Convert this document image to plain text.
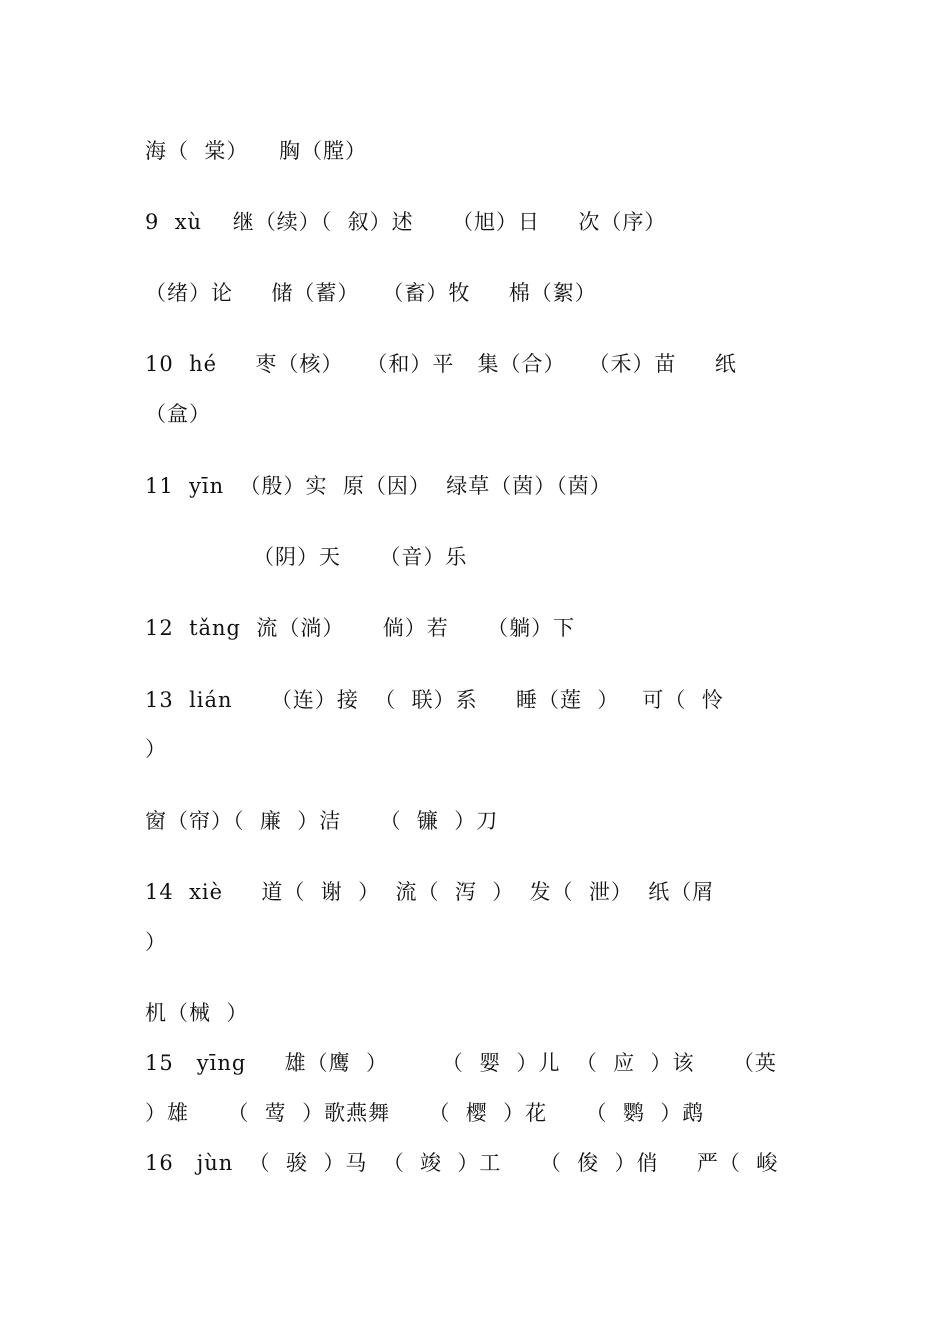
海（  棠）    胸（膛）
9  xù    继（续）（  叙）述     （旭）日     次（序）
（绪）论     储（蓄）   （畜）牧     棉（絮）
10  hé     枣（核）   （和）平   集（合）   （禾）苗     纸
（盒）
11  yīn  （殷）实  原（因）  绿草（茵）（茵）
（阴）天     （音）乐
12  tǎng  流（淌）     倘）若     （躺）下
13  lián     （连）接  （  联）系     睡（莲  ）   可（  怜
）
窗（帘）（  廉  ）洁     （  镰  ）刀
14  xiè     道（  谢  ）  流（  泻  ）  发（  泄）  纸（屑
）
机（械  ）
15   yīng     雄（鹰  ）       （  婴  ）儿  （  应  ）该     （英
）雄     （  莺  ）歌燕舞     （  樱  ）花     （  鹦  ）鹉
16   jùn  （  骏  ）马  （  竣  ）工     （  俊  ）俏     严（  峻
